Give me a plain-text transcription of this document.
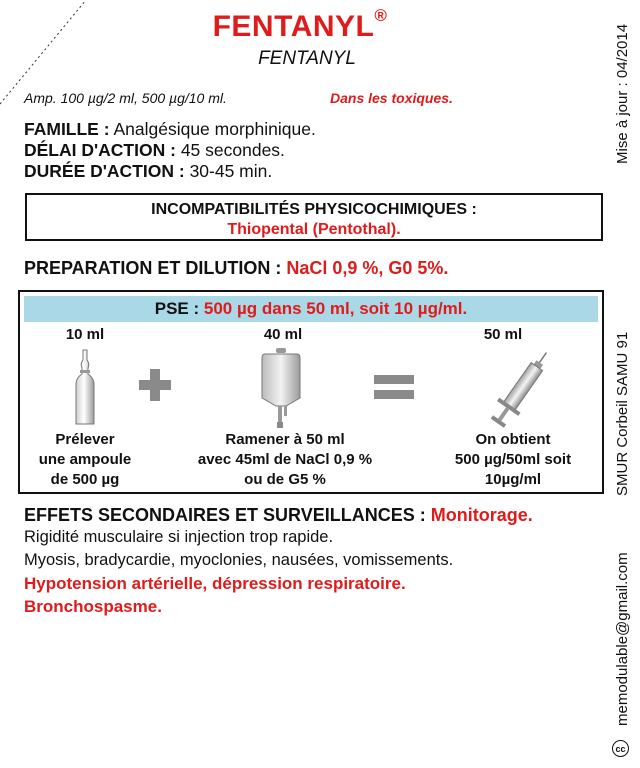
FENTANYL®
FENTANYL
Amp. 100 µg/2 ml, 500 µg/10 ml.	Dans les toxiques.
FAMILLE : Analgésique morphinique.
DÉLAI D'ACTION : 45 secondes.
DURÉE D'ACTION : 30-45 min.
INCOMPATIBILITÉS PHYSICOCHIMIQUES :
Thiopental (Pentothal).
PREPARATION ET DILUTION : NaCl 0,9 %, G0 5%.
PSE : 500 µg dans 50 ml, soit 10 µg/ml.
10 ml
Prélever
une ampoule
de 500 µg
40 ml
Ramener à 50 ml
avec 45ml de NaCl 0,9 %
ou de G5 %
50 ml
On obtient
500 µg/50ml soit
10µg/ml
EFFETS SECONDAIRES ET SURVEILLANCES : Monitorage.
Rigidité musculaire si injection trop rapide.
Myosis, bradycardie, myoclonies, nausées, vomissements.
Hypotension artérielle, dépression respiratoire.
Bronchospasme.
Mise à jour : 04/2014
SMUR Corbeil SAMU 91
memodulable@gmail.com
cc
